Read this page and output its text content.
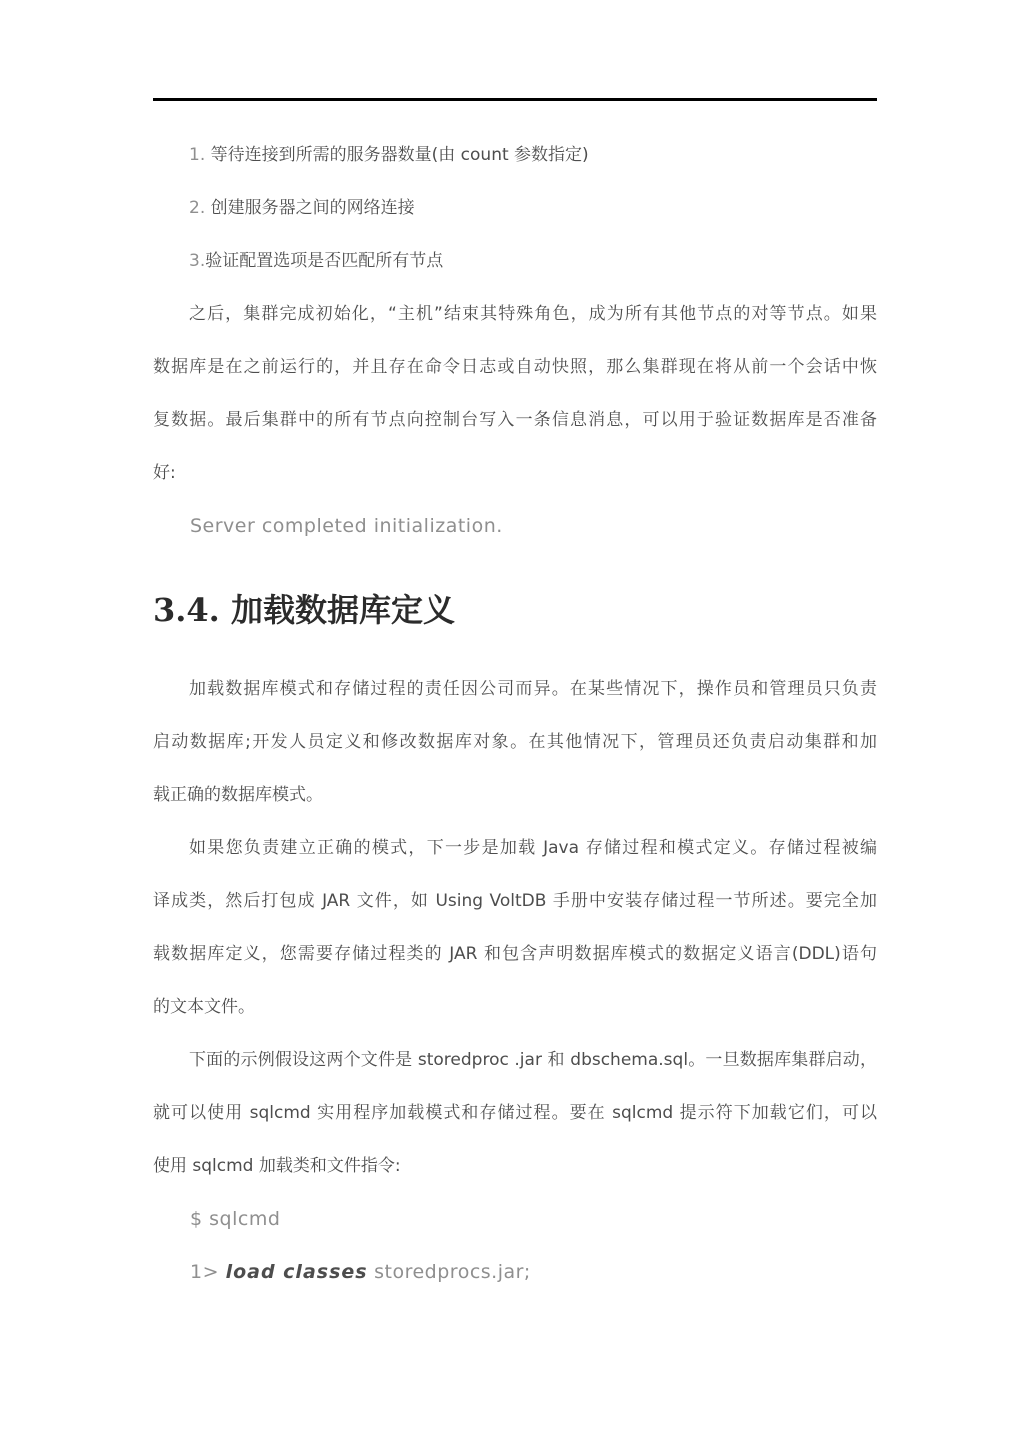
1. 等待连接到所需的服务器数量(由 count 参数指定)
2. 创建服务器之间的网络连接
3.验证配置选项是否匹配所有节点
之后，集群完成初始化，“主机”结束其特殊角色，成为所有其他节点的对等节点。如果
数据库是在之前运行的，并且存在命令日志或自动快照，那么集群现在将从前一个会话中恢
复数据。最后集群中的所有节点向控制台写入一条信息消息，可以用于验证数据库是否准备
好:
Server completed initialization.
3.4. 加载数据库定义
加载数据库模式和存储过程的责任因公司而异。在某些情况下，操作员和管理员只负责
启动数据库;开发人员定义和修改数据库对象。在其他情况下，管理员还负责启动集群和加
载正确的数据库模式。
如果您负责建立正确的模式，下一步是加载 Java 存储过程和模式定义。存储过程被编
译成类，然后打包成 JAR 文件，如 Using VoltDB 手册中安装存储过程一节所述。要完全加
载数据库定义，您需要存储过程类的 JAR 和包含声明数据库模式的数据定义语言(DDL)语句
的文本文件。
下面的示例假设这两个文件是 storedproc .jar 和 dbschema.sql。一旦数据库集群启动，
就可以使用 sqlcmd 实用程序加载模式和存储过程。要在 sqlcmd 提示符下加载它们，可以
使用 sqlcmd 加载类和文件指令:
$ sqlcmd
1> load classes storedprocs.jar;
